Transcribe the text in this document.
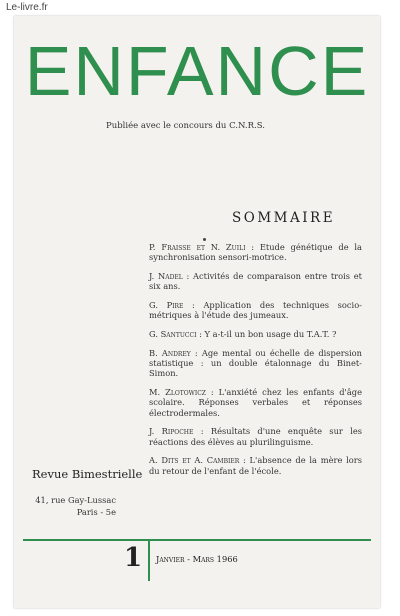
Le-livre.fr
ENFANCE
Publiée avec le concours du C.N.R.S.
SOMMAIRE
P. Fraisse et N. Zuili : Etude génétique de la synchronisation sensori-motrice.
J. Nadel : Activités de comparaison entre trois et six ans.
G. Pire : Application des techniques socio-métriques à l'étude des jumeaux.
G. Santucci : Y a-t-il un bon usage du T.A.T. ?
B. Andrey : Age mental ou échelle de dispersion statistique : un double étalonnage du Binet-Simon.
M. Zlotowicz : L'anxiété chez les enfants d'âge scolaire. Réponses verbales et réponses électrodermales.
J. Ripoche : Résultats d'une enquête sur les réactions des élèves au plurilinguisme.
A. Dits et A. Cambier : L'absence de la mère lors du retour de l'enfant de l'école.
Revue Bimestrielle
41, rue Gay-Lussac
Paris - 5e
1 Janvier - Mars 1966
